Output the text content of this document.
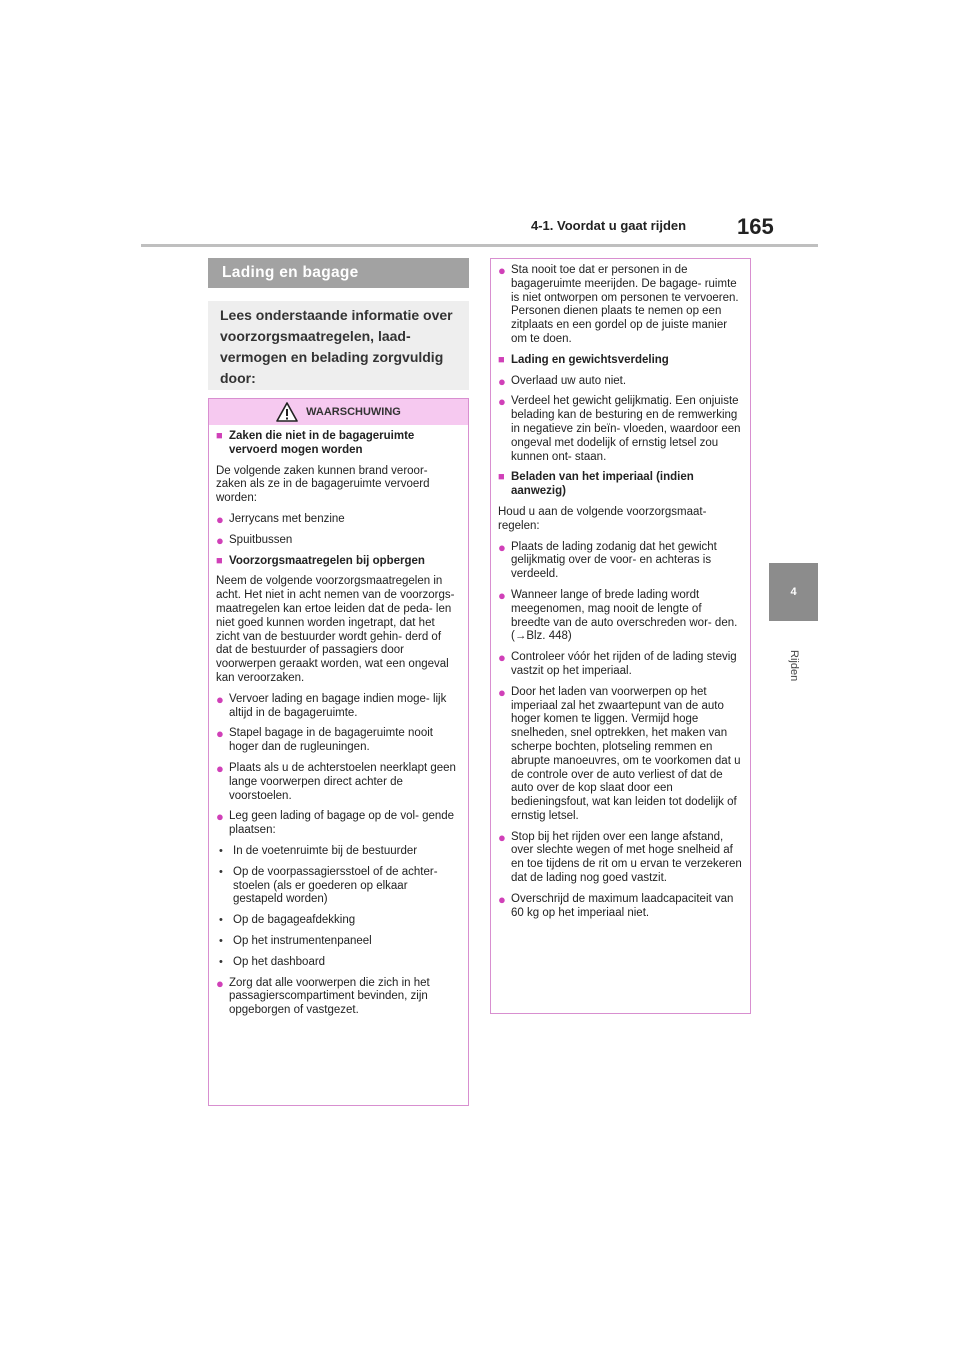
4-1. Voordat u gaat rijden 165
4
Rijden
Lading en bagage
Lees onderstaande informatie over voorzorgsmaatregelen, laad- vermogen en belading zorgvuldig door:
WAARSCHUWING
■ Zaken die niet in de bagageruimte vervoerd mogen worden
De volgende zaken kunnen brand veroor- zaken als ze in de bagageruimte vervoerd worden:
● Jerrycans met benzine
● Spuitbussen
■ Voorzorgsmaatregelen bij opbergen
Neem de volgende voorzorgsmaatregelen in acht. Het niet in acht nemen van de voorzorgs- maatregelen kan ertoe leiden dat de peda- len niet goed kunnen worden ingetrapt, dat het zicht van de bestuurder wordt gehin- derd of dat de bestuurder of passagiers door voorwerpen geraakt worden, wat een ongeval kan veroorzaken.
● Vervoer lading en bagage indien moge- lijk altijd in de bagageruimte.
● Stapel bagage in de bagageruimte nooit hoger dan de rugleuningen.
● Plaats als u de achterstoelen neerklapt geen lange voorwerpen direct achter de voorstoelen.
● Leg geen lading of bagage op de vol- gende plaatsen:
• In de voetenruimte bij de bestuurder
• Op de voorpassagiersstoel of de achter- stoelen (als er goederen op elkaar gestapeld worden)
• Op de bagageafdekking
• Op het instrumentenpaneel
• Op het dashboard
● Zorg dat alle voorwerpen die zich in het passagierscompartiment bevinden, zijn opgeborgen of vastgezet.
● Sta nooit toe dat er personen in de bagageruimte meerijden. De bagage- ruimte is niet ontworpen om personen te vervoeren. Personen dienen plaats te nemen op een zitplaats en een gordel op de juiste manier om te doen.
■ Lading en gewichtsverdeling
● Overlaad uw auto niet.
● Verdeel het gewicht gelijkmatig. Een onjuiste belading kan de besturing en de remwerking in negatieve zin beïn- vloeden, waardoor een ongeval met dodelijk of ernstig letsel zou kunnen ont- staan.
■ Beladen van het imperiaal (indien aanwezig)
Houd u aan de volgende voorzorgsmaat- regelen:
● Plaats de lading zodanig dat het gewicht gelijkmatig over de voor- en achteras is verdeeld.
● Wanneer lange of brede lading wordt meegenomen, mag nooit de lengte of breedte van de auto overschreden wor- den. (→Blz. 448)
● Controleer vóór het rijden of de lading stevig vastzit op het imperiaal.
● Door het laden van voorwerpen op het imperiaal zal het zwaartepunt van de auto hoger komen te liggen. Vermijd hoge snelheden, snel optrekken, het maken van scherpe bochten, plotseling remmen en abrupte manoeuvres, om te voorkomen dat u de controle over de auto verliest of dat de auto over de kop slaat door een bedieningsfout, wat kan leiden tot dodelijk of ernstig letsel.
● Stop bij het rijden over een lange afstand, over slechte wegen of met hoge snelheid af en toe tijdens de rit om u ervan te verzekeren dat de lading nog goed vastzit.
● Overschrijd de maximum laadcapaciteit van 60 kg op het imperiaal niet.
